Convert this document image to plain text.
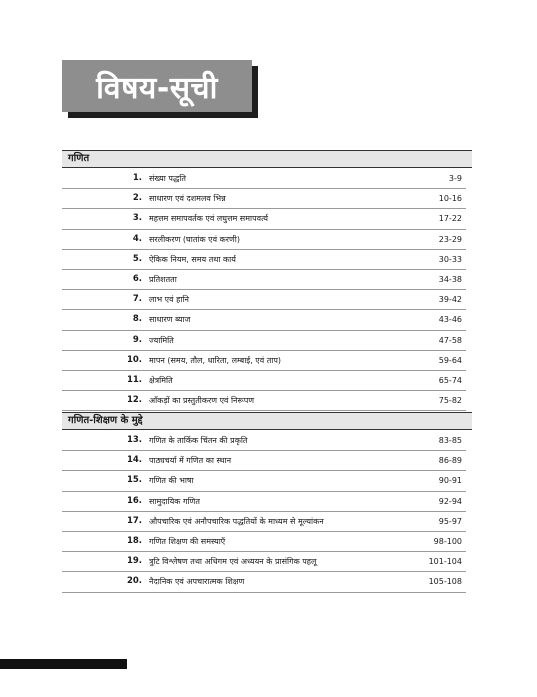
विषय-सूची
गणित
1. संख्या पद्धति	3-9
2. साधारण एवं दशमलव भिन्न	10-16
3. महत्तम समापवर्तक एवं लघुत्तम समापवर्त्य	17-22
4. सरलीकरण (घातांक एवं करणी)	23-29
5. ऐकिक नियम, समय तथा कार्य	30-33
6. प्रतिशतता	34-38
7. लाभ एवं हानि	39-42
8. साधारण ब्याज	43-46
9. ज्यामिति	47-58
10. मापन (समय, तौल, धारिता, लम्बाई, एवं ताप)	59-64
11. क्षेत्रमिति	65-74
12. आँकड़ों का प्रस्तुतीकरण एवं निरूपण	75-82
गणित-शिक्षण के मुद्दे
13. गणित के तार्किक चिंतन की प्रकृति	83-85
14. पाठ्यचर्या में गणित का स्थान	86-89
15. गणित की भाषा	90-91
16. सामुदायिक गणित	92-94
17. औपचारिक एवं अनौपचारिक पद्धतियों के माध्यम से मूल्यांकन	95-97
18. गणित शिक्षण की समस्याएँ	98-100
19. त्रुटि विश्लेषण तथा अधिगम एवं अध्ययन के प्रासंगिक पहलू	101-104
20. नैदानिक एवं अपचारात्मक शिक्षण	105-108
